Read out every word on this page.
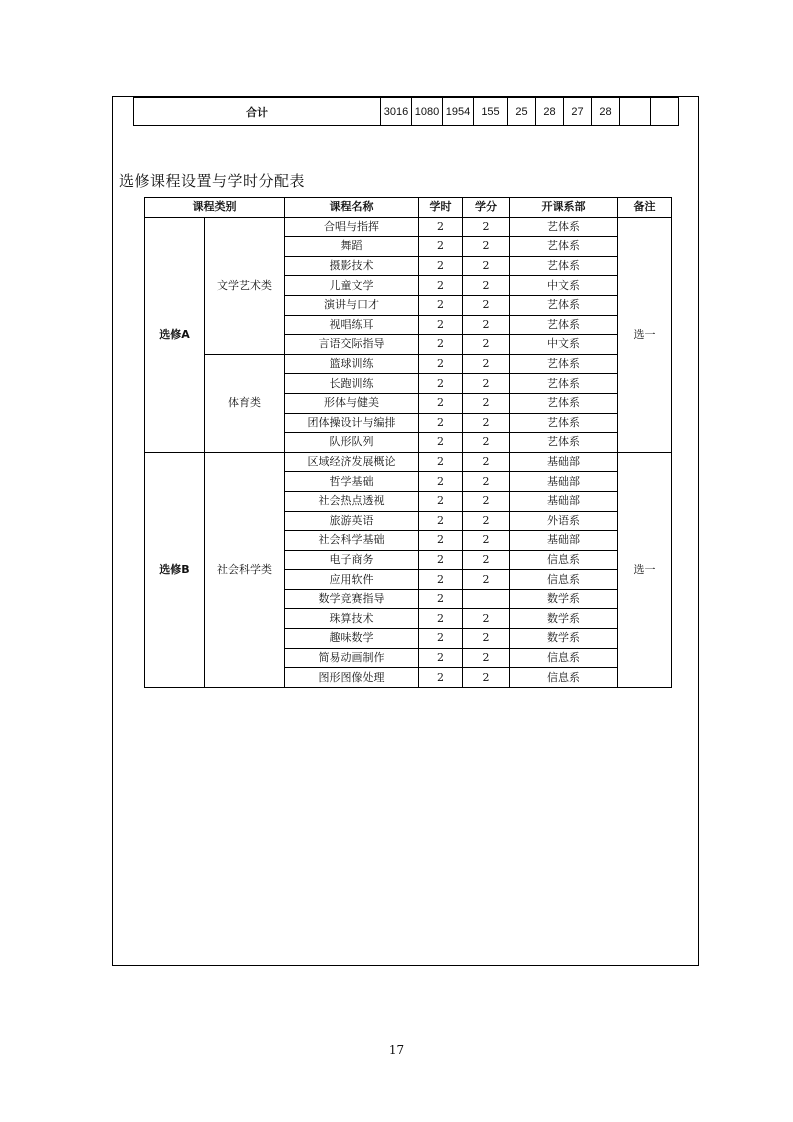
合计	3016	1080	1954	155	25	28	27	28		
选修课程设置与学时分配表
课程类别		课程名称	学时	学分	开课系部	备注
选修A	文学艺术类	合唱与指挥	2	2	艺体系	选一
		舞蹈	2	2	艺体系	
		摄影技术	2	2	艺体系	
		儿童文学	2	2	中文系	
		演讲与口才	2	2	艺体系	
		视唱练耳	2	2	艺体系	
		言语交际指导	2	2	中文系	
	体育类	篮球训练	2	2	艺体系	
		长跑训练	2	2	艺体系	
		形体与健美	2	2	艺体系	
		团体操设计与编排	2	2	艺体系	
		队形队列	2	2	艺体系	
选修B	社会科学类	区域经济发展概论	2	2	基础部	选一
		哲学基础	2	2	基础部	
		社会热点透视	2	2	基础部	
		旅游英语	2	2	外语系	
		社会科学基础	2	2	基础部	
		电子商务	2	2	信息系	
		应用软件	2	2	信息系	
		数学竞赛指导	2		数学系	
		珠算技术	2	2	数学系	
		趣味数学	2	2	数学系	
		简易动画制作	2	2	信息系	
		图形图像处理	2	2	信息系	
17
